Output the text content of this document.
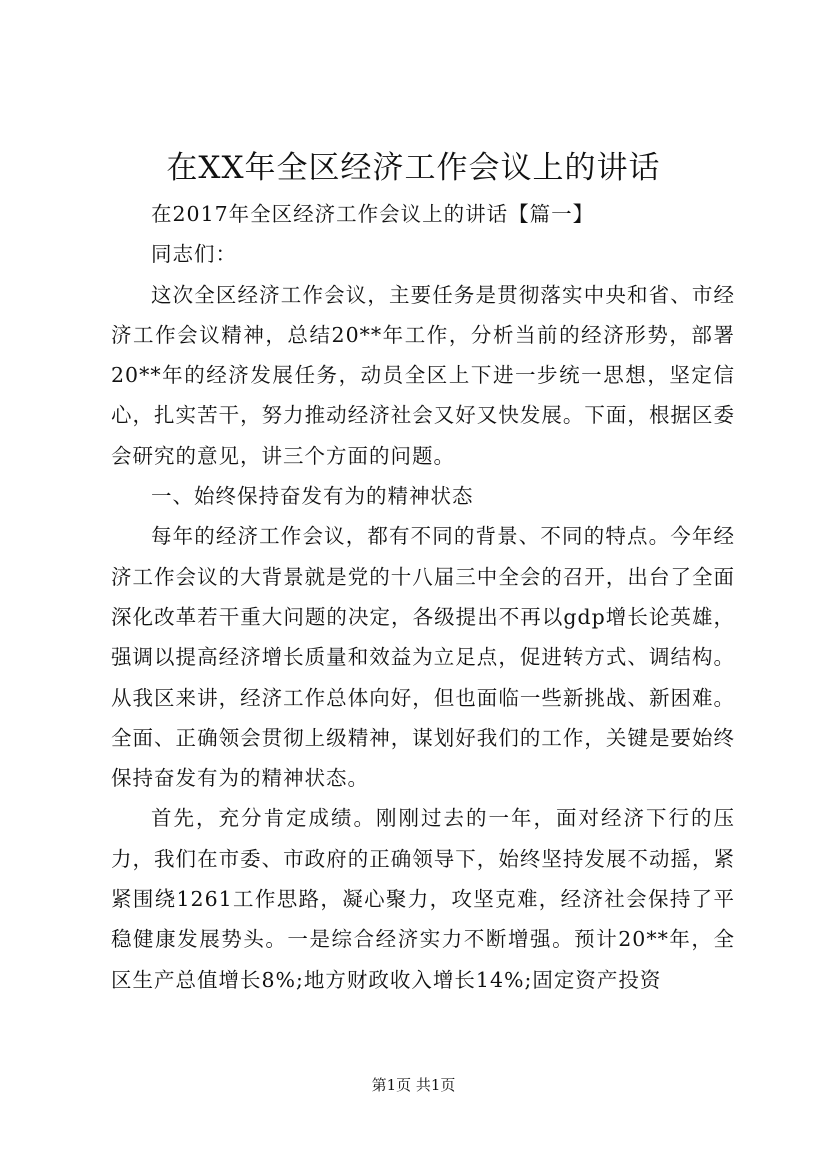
在XX年全区经济工作会议上的讲话

在2017年全区经济工作会议上的讲话【篇一】

同志们：

这次全区经济工作会议，主要任务是贯彻落实中央和省、市经济工作会议精神，总结20**年工作，分析当前的经济形势，部署20**年的经济发展任务，动员全区上下进一步统一思想，坚定信心，扎实苦干，努力推动经济社会又好又快发展。下面，根据区委会研究的意见，讲三个方面的问题。

一、始终保持奋发有为的精神状态

每年的经济工作会议，都有不同的背景、不同的特点。今年经济工作会议的大背景就是党的十八届三中全会的召开，出台了全面深化改革若干重大问题的决定，各级提出不再以gdp增长论英雄，强调以提高经济增长质量和效益为立足点，促进转方式、调结构。从我区来讲，经济工作总体向好，但也面临一些新挑战、新困难。全面、正确领会贯彻上级精神，谋划好我们的工作，关键是要始终保持奋发有为的精神状态。

首先，充分肯定成绩。刚刚过去的一年，面对经济下行的压力，我们在市委、市政府的正确领导下，始终坚持发展不动摇，紧紧围绕1261工作思路，凝心聚力，攻坚克难，经济社会保持了平稳健康发展势头。一是综合经济实力不断增强。预计20**年，全区生产总值增长8%;地方财政收入增长14%;固定资产投资

第1页 共1页
